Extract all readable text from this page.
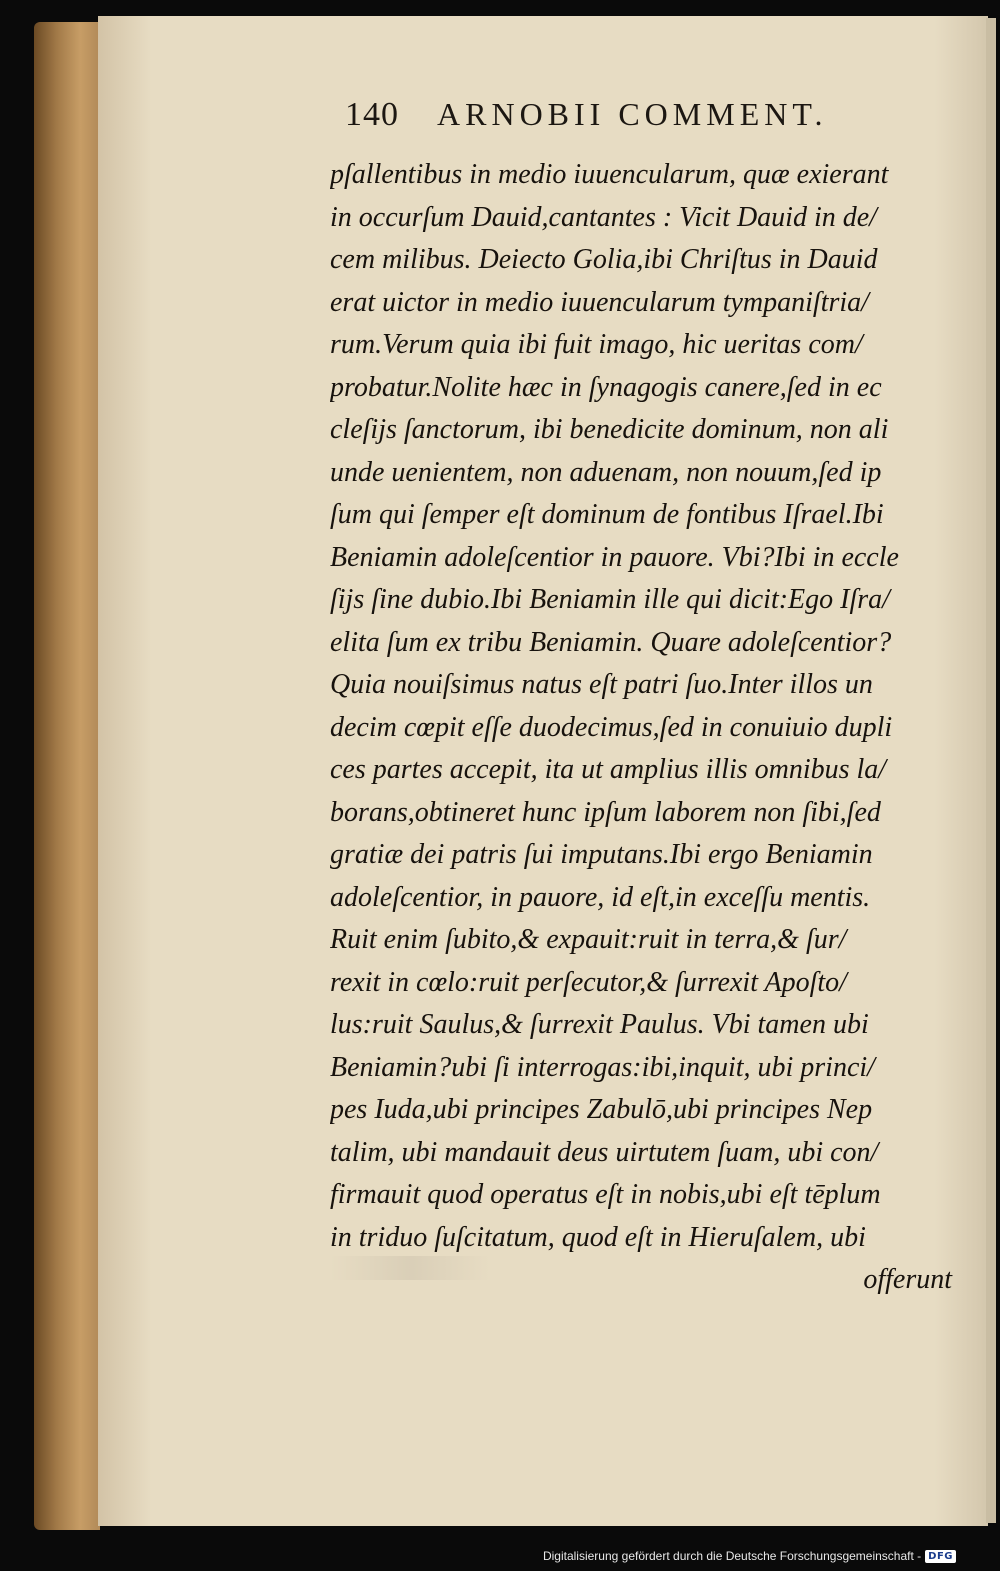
140 ARNOBII COMMENT.
pſallentibus in medio iuuencularum, quæ exierant
in occurſum Dauid,cantantes : Vicit Dauid in de/
cem milibus. Deiecto Golia,ibi Chriſtus in Dauid
erat uictor in medio iuuencularum tympaniſtria/
rum.Verum quia ibi fuit imago, hic ueritas com/
probatur.Nolite hæc in ſynagogis canere,ſed in ec
cleſijs ſanctorum, ibi benedicite dominum, non ali
unde uenientem, non aduenam, non nouum,ſed ip
ſum qui ſemper eſt dominum de fontibus Iſrael.Ibi
Beniamin adoleſcentior in pauore. Vbi?Ibi in eccle
ſijs ſine dubio.Ibi Beniamin ille qui dicit:Ego Iſra/
elita ſum ex tribu Beniamin. Quare adoleſcentior?
Quia nouiſsimus natus eſt patri ſuo.Inter illos un
decim cœpit eſſe duodecimus,ſed in conuiuio dupli
ces partes accepit, ita ut amplius illis omnibus la/
borans,obtineret hunc ipſum laborem non ſibi,ſed
gratiæ dei patris ſui imputans.Ibi ergo Beniamin
adoleſcentior, in pauore, id eſt,in exceſſu mentis.
Ruit enim ſubito,& expauit:ruit in terra,& ſur/
rexit in cœlo:ruit perſecutor,& ſurrexit Apoſto/
lus:ruit Saulus,& ſurrexit Paulus. Vbi tamen ubi
Beniamin?ubi ſi interrogas:ibi,inquit, ubi princi/
pes Iuda,ubi principes Zabulō,ubi principes Nep
talim, ubi mandauit deus uirtutem ſuam, ubi con/
firmauit quod operatus eſt in nobis,ubi eſt tēplum
in triduo ſuſcitatum, quod eſt in Hieruſalem, ubi
offerunt
Digitalisierung gefördert durch die Deutsche Forschungsgemeinschaft - DFG
